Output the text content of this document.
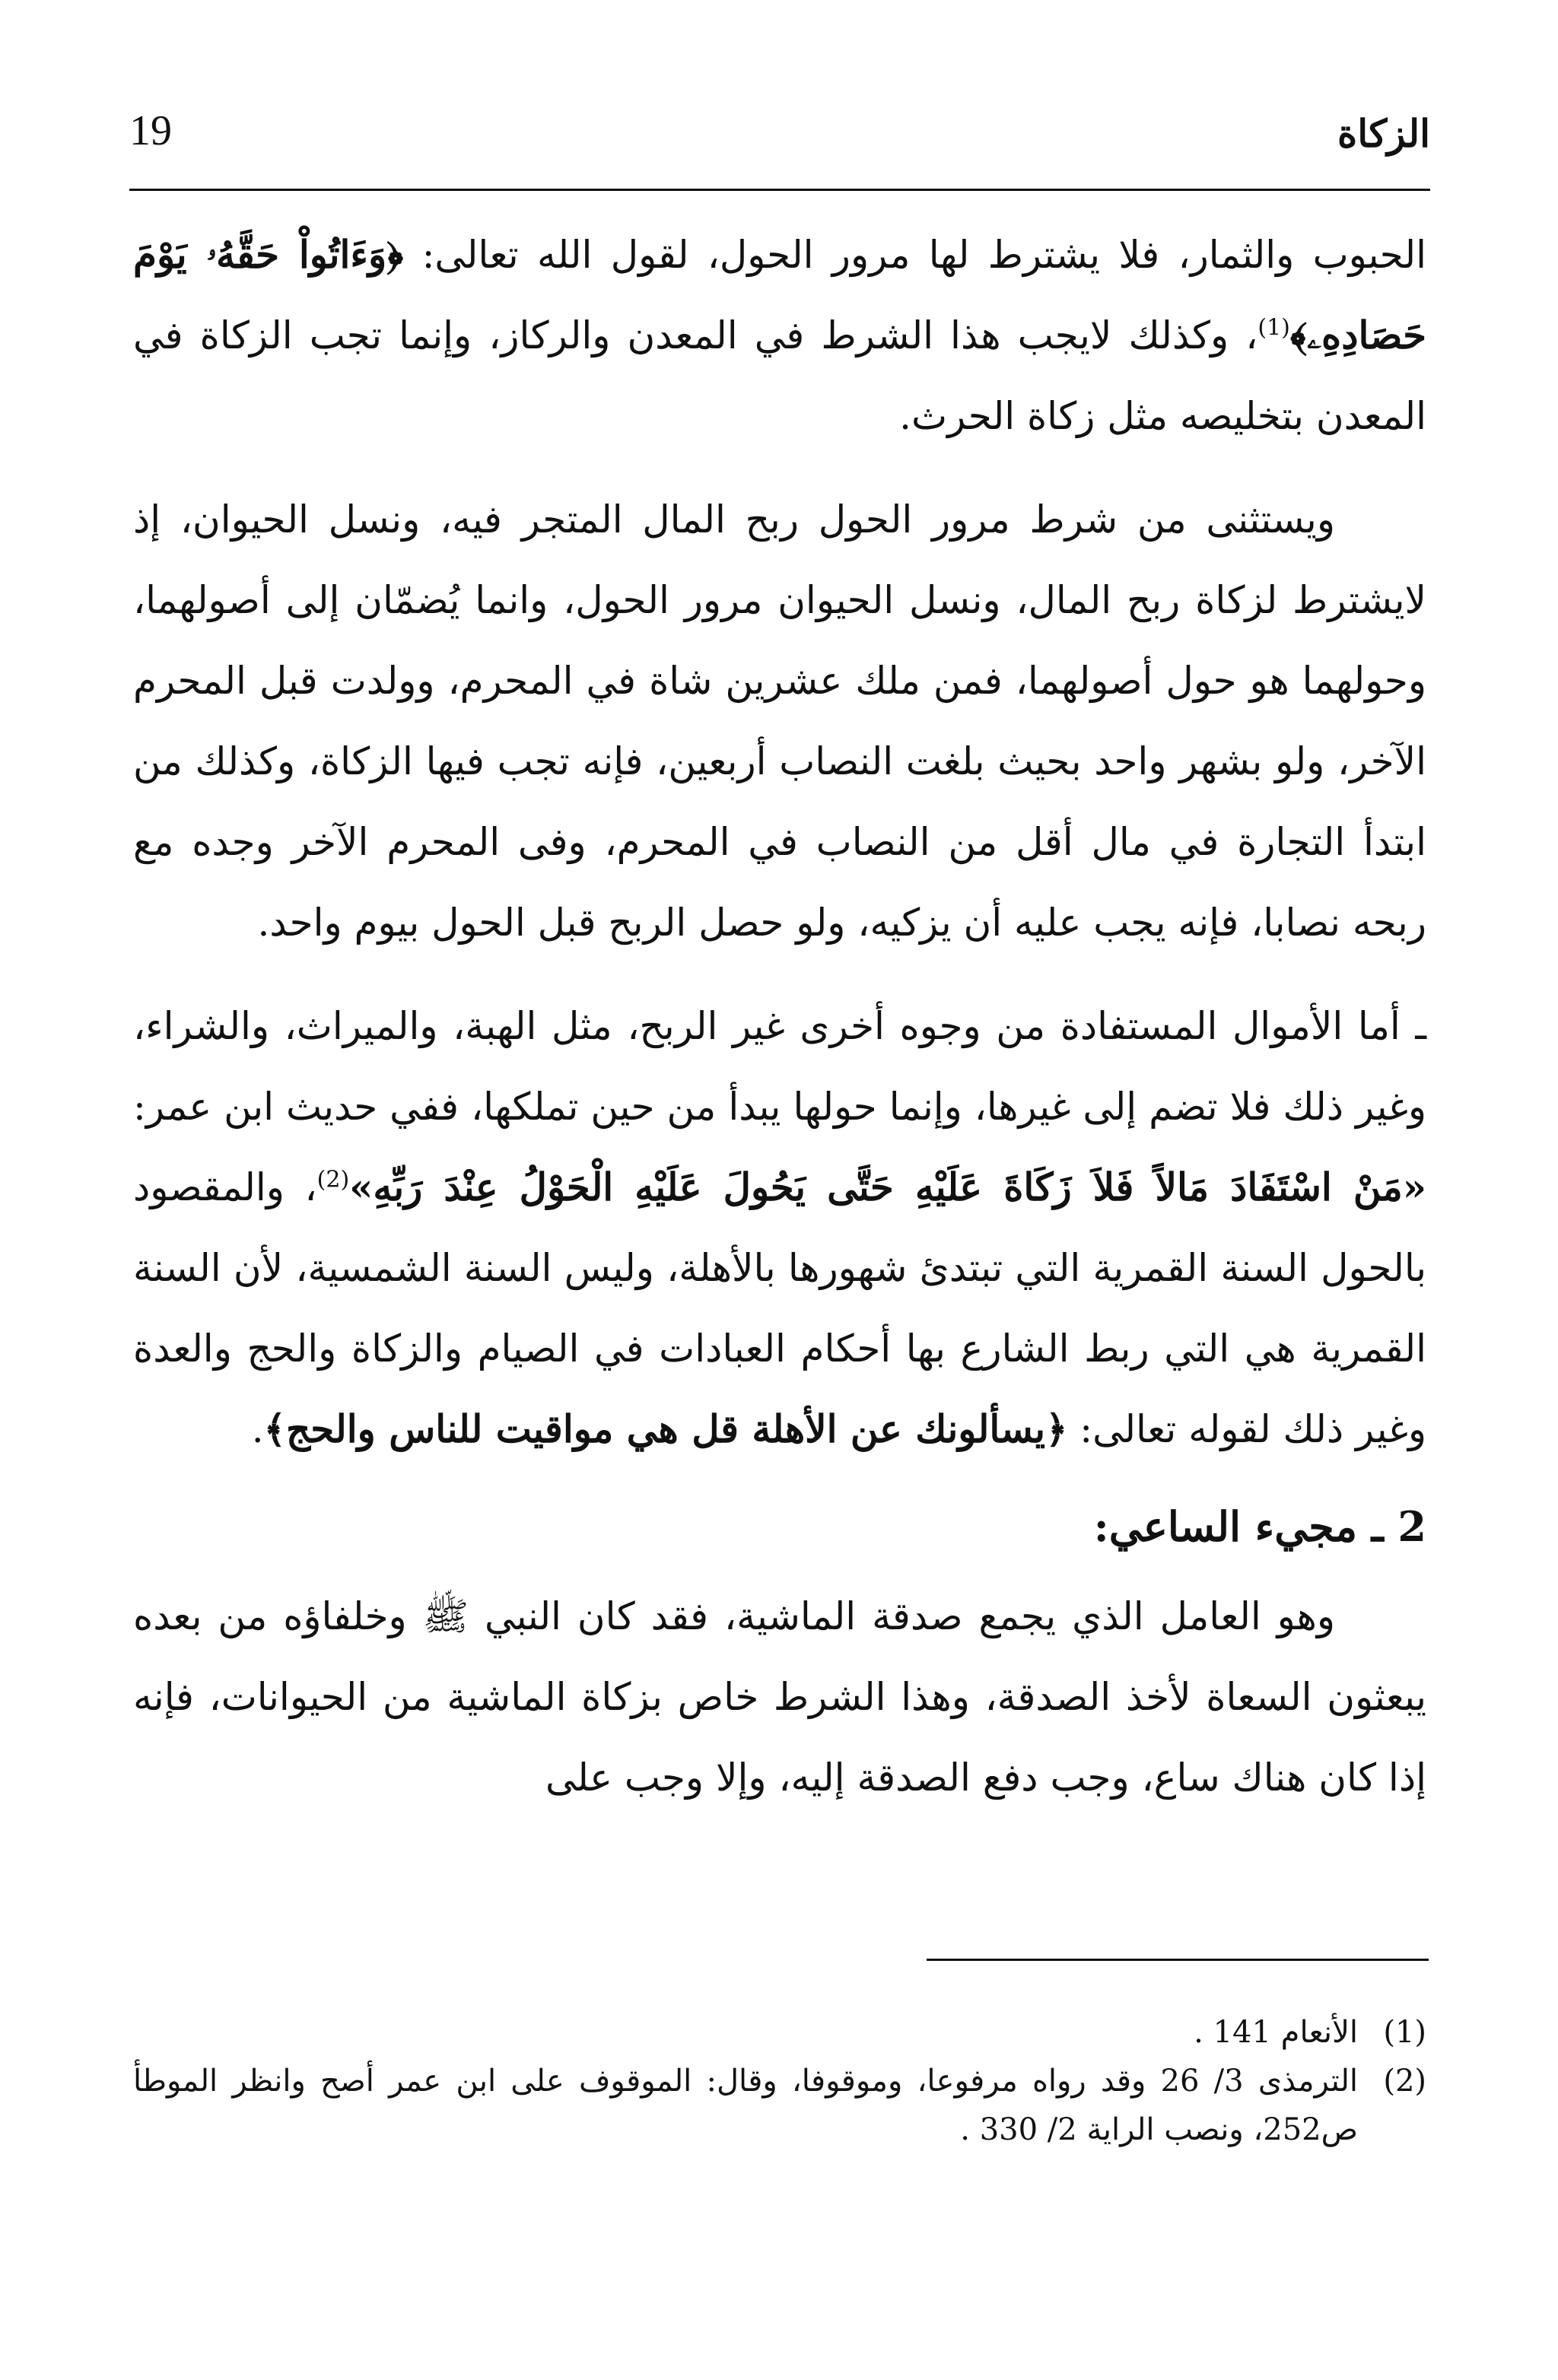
19	الزكاة

الحبوب والثمار، فلا يشترط لها مرور الحول، لقول الله تعالى: ﴿وَءَاتُواْ حَقَّهُۥ يَوْمَ حَصَادِهِۦ﴾$^{(1)}$، وكذلك لايجب هذا الشرط في المعدن والركاز، وإنما تجب الزكاة في المعدن بتخليصه مثل زكاة الحرث.

ويستثنى من شرط مرور الحول ربح المال المتجر فيه، ونسل الحيوان، إذ لايشترط لزكاة ربح المال، ونسل الحيوان مرور الحول، وانما يُضمّان إلى أصولهما، وحولهما هو حول أصولهما، فمن ملك عشرين شاة في المحرم، وولدت قبل المحرم الآخر، ولو بشهر واحد بحيث بلغت النصاب أربعين، فإنه تجب فيها الزكاة، وكذلك من ابتدأ التجارة في مال أقل من النصاب في المحرم، وفى المحرم الآخر وجده مع ربحه نصابا، فإنه يجب عليه أن يزكيه، ولو حصل الربح قبل الحول بيوم واحد.

ـ أما الأموال المستفادة من وجوه أخرى غير الربح، مثل الهبة، والميراث، والشراء، وغير ذلك فلا تضم إلى غيرها، وإنما حولها يبدأ من حين تملكها، ففي حديث ابن عمر: «مَنْ اسْتَفَادَ مَالاً فَلاَ زَكَاةَ عَلَيْهِ حَتَّى يَحُولَ عَلَيْهِ الْحَوْلُ عِنْدَ رَبِّهِ»$^{(2)}$، والمقصود بالحول السنة القمرية التي تبتدئ شهورها بالأهلة، وليس السنة الشمسية، لأن السنة القمرية هي التي ربط الشارع بها أحكام العبادات في الصيام والزكاة والحج والعدة وغير ذلك لقوله تعالى: ﴿يسألونك عن الأهلة قل هي مواقيت للناس والحج﴾.

2 ـ مجيء الساعي:

وهو العامل الذي يجمع صدقة الماشية، فقد كان النبي ﷺ وخلفاؤه من بعده يبعثون السعاة لأخذ الصدقة، وهذا الشرط خاص بزكاة الماشية من الحيوانات، فإنه إذا كان هناك ساع، وجب دفع الصدقة إليه، وإلا وجب على

(1)
الأنعام 141 .
(2)
الترمذى 3/ 26 وقد رواه مرفوعا، وموقوفا، وقال: الموقوف على ابن عمر أصح وانظر الموطأ ص252، ونصب الراية 2/ 330 .
